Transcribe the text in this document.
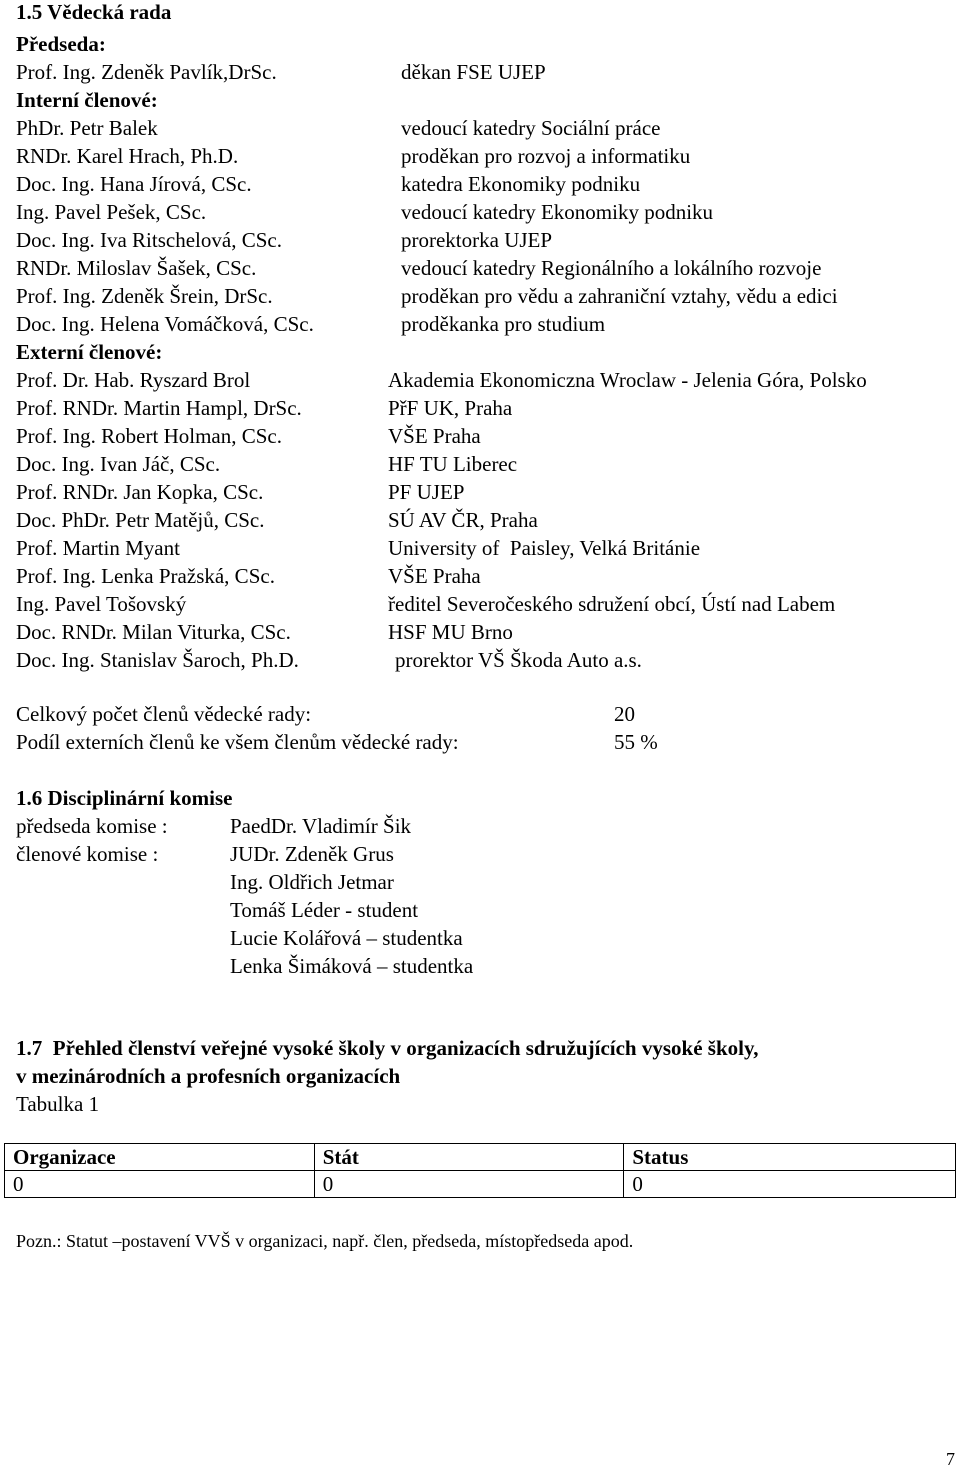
1.5 Vědecká rada
Předseda:
Prof. Ing. Zdeněk Pavlík,DrSc.	děkan FSE UJEP
Interní členové:
PhDr. Petr Balek	vedoucí katedry Sociální práce
RNDr. Karel Hrach, Ph.D.	proděkan pro rozvoj a informatiku
Doc. Ing. Hana Jírová, CSc.	katedra Ekonomiky podniku
Ing. Pavel Pešek, CSc.	vedoucí katedry Ekonomiky podniku
Doc. Ing. Iva Ritschelová, CSc.	prorektorka UJEP
RNDr. Miloslav Šašek, CSc.	vedoucí katedry Regionálního a lokálního rozvoje
Prof. Ing. Zdeněk Šrein, DrSc.	proděkan pro vědu a zahraniční vztahy, vědu a edici
Doc. Ing. Helena Vomáčková, CSc.	proděkanka pro studium
Externí členové:
Prof. Dr. Hab. Ryszard Brol	Akademia Ekonomiczna Wroclaw - Jelenia Góra, Polsko
Prof. RNDr. Martin Hampl, DrSc.	PřF UK, Praha
Prof. Ing. Robert Holman, CSc.	VŠE Praha
Doc. Ing. Ivan Jáč, CSc.	HF TU Liberec
Prof. RNDr. Jan Kopka, CSc.	PF UJEP
Doc. PhDr. Petr Matějů, CSc.	SÚ AV ČR, Praha
Prof. Martin Myant	University of  Paisley, Velká Británie
Prof. Ing. Lenka Pražská, CSc.	VŠE Praha
Ing. Pavel Tošovský	ředitel Severočeského sdružení obcí, Ústí nad Labem
Doc. RNDr. Milan Viturka, CSc.	HSF MU Brno
Doc. Ing. Stanislav Šaroch, Ph.D.	prorektor VŠ Škoda Auto a.s.
Celkový počet členů vědecké rady:	20
Podíl externích členů ke všem členům vědecké rady:	55 %
1.6 Disciplinární komise
předseda komise :	PaedDr. Vladimír Šik
členové komise :	JUDr. Zdeněk Grus
Ing. Oldřich Jetmar
Tomáš Léder - student
Lucie Kolářová – studentka
Lenka Šimáková – studentka
1.7  Přehled členství veřejné vysoké školy v organizacích sdružujících vysoké školy,
v mezinárodních a profesních organizacích
Tabulka 1
Organizace	Stát	Status
0	0	0
Pozn.: Statut –postavení VVŠ v organizaci, např. člen, předseda, místopředseda apod.
7
